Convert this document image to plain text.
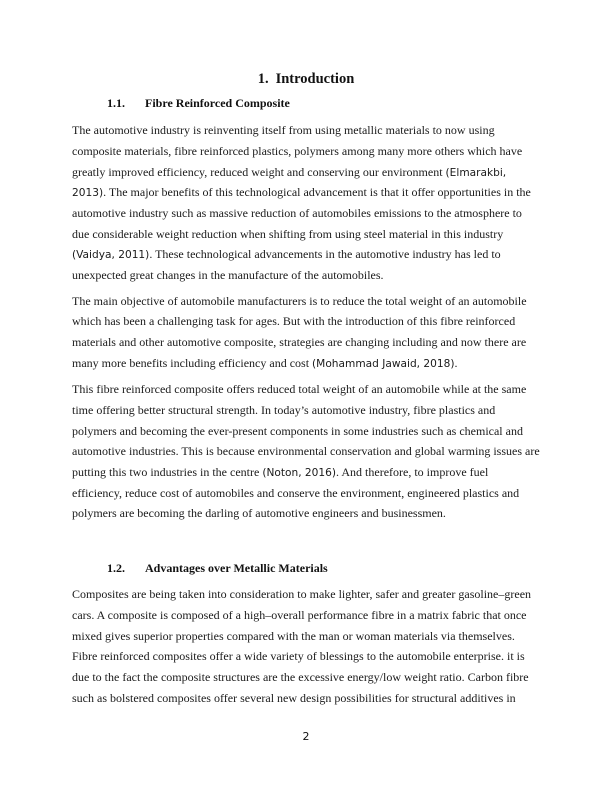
1. Introduction
1.1. Fibre Reinforced Composite
The automotive industry is reinventing itself from using metallic materials to now using
composite materials, fibre reinforced plastics, polymers among many more others which have
greatly improved efficiency, reduced weight and conserving our environment (Elmarakbi,
2013). The major benefits of this technological advancement is that it offer opportunities in the
automotive industry such as massive reduction of automobiles emissions to the atmosphere to
due considerable weight reduction when shifting from using steel material in this industry
(Vaidya, 2011). These technological advancements in the automotive industry has led to
unexpected great changes in the manufacture of the automobiles.
The main objective of automobile manufacturers is to reduce the total weight of an automobile
which has been a challenging task for ages. But with the introduction of this fibre reinforced
materials and other automotive composite, strategies are changing including and now there are
many more benefits including efficiency and cost (Mohammad Jawaid, 2018).
This fibre reinforced composite offers reduced total weight of an automobile while at the same
time offering better structural strength. In today’s automotive industry, fibre plastics and
polymers and becoming the ever-present components in some industries such as chemical and
automotive industries. This is because environmental conservation and global warming issues are
putting this two industries in the centre (Noton, 2016). And therefore, to improve fuel
efficiency, reduce cost of automobiles and conserve the environment, engineered plastics and
polymers are becoming the darling of automotive engineers and businessmen.
1.2. Advantages over Metallic Materials
Composites are being taken into consideration to make lighter, safer and greater gasoline–green
cars. A composite is composed of a high–overall performance fibre in a matrix fabric that once
mixed gives superior properties compared with the man or woman materials via themselves.
Fibre reinforced composites offer a wide variety of blessings to the automobile enterprise. it is
due to the fact the composite structures are the excessive energy/low weight ratio. Carbon fibre
such as bolstered composites offer several new design possibilities for structural additives in
2
